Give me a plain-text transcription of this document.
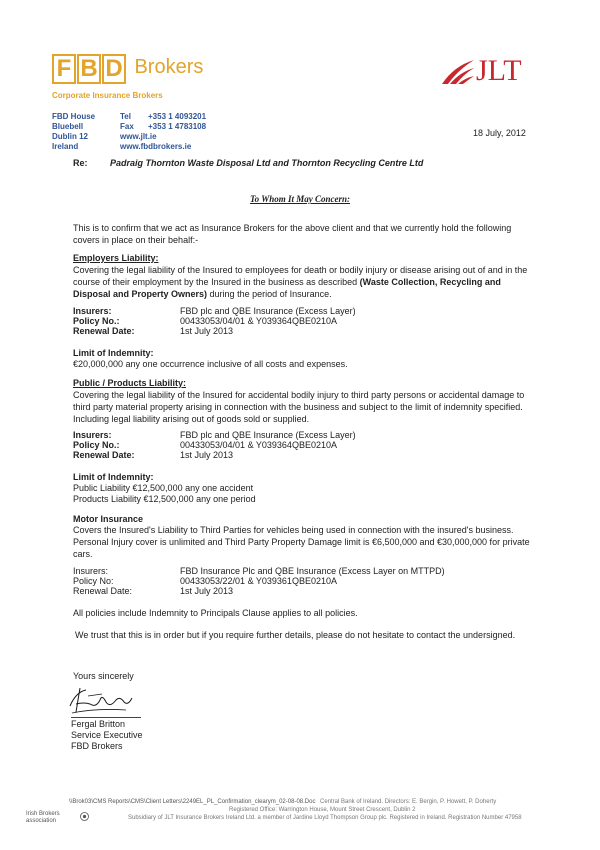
F B D Brokers
Corporate Insurance Brokers
FBD House
Bluebell
Dublin 12
Ireland
Tel +353 1 4093201
Fax +353 1 4783108
www.jlt.ie
www.fbdbrokers.ie
JLT
18 July, 2012
Re: Padraig Thornton Waste Disposal Ltd and Thornton Recycling Centre Ltd
To Whom It May Concern:
This is to confirm that we act as Insurance Brokers for the above client and that we currently hold the following covers in place on their behalf:-
Employers Liability:
Covering the legal liability of the Insured to employees for death or bodily injury or disease arising out of and in the course of their employment by the Insured in the business as described (Waste Collection, Recycling and Disposal and Property Owners) during the period of Insurance.
Insurers:
Policy No.:
Renewal Date:
FBD plc and QBE Insurance (Excess Layer)
00433053/04/01 & Y039364QBE0210A
1st July 2013
Limit of Indemnity:
€20,000,000 any one occurrence inclusive of all costs and expenses.
Public / Products Liability:
Covering the legal liability of the Insured for accidental bodily injury to third party persons or accidental damage to third party material property arising in connection with the business and subject to the limit of indemnity specified. Including legal liability arising out of goods sold or supplied.
Insurers:
Policy No.:
Renewal Date:
FBD plc and QBE Insurance (Excess Layer)
00433053/04/01 & Y039364QBE0210A
1st July 2013
Limit of Indemnity:
Public Liability €12,500,000 any one accident
Products Liability €12,500,000 any one period
Motor Insurance
Covers the Insured's Liability to Third Parties for vehicles being used in connection with the insured's business. Personal Injury cover is unlimited and Third Party Property Damage limit is €6,500,000 and €30,000,000 for private cars.
Insurers:
Policy No:
Renewal Date:
FBD Insurance Plc and QBE Insurance (Excess Layer on MTTPD)
00433053/22/01 & Y039361QBE0210A
1st July 2013
All policies include Indemnity to Principals Clause applies to all policies.
We trust that this is in order but if you require further details, please do not hesitate to contact the undersigned.
Yours sincerely
Fergal Britton
Service Executive
FBD Brokers
\\Brok03\CMS Reports\CMS\Client Letters\2249EL_PL_Confirmation_clearym_02-08-08.Doc Central Bank of Ireland. Directors: E. Bergin, P. Howett, P. Doherty
Registered Office: Warrington House, Mount Street Crescent, Dublin 2
Irish Brokers
association	Subsidiary of JLT Insurance Brokers Ireland Ltd. a member of Jardine Lloyd Thompson Group plc. Registered in Ireland. Registration Number 47958
